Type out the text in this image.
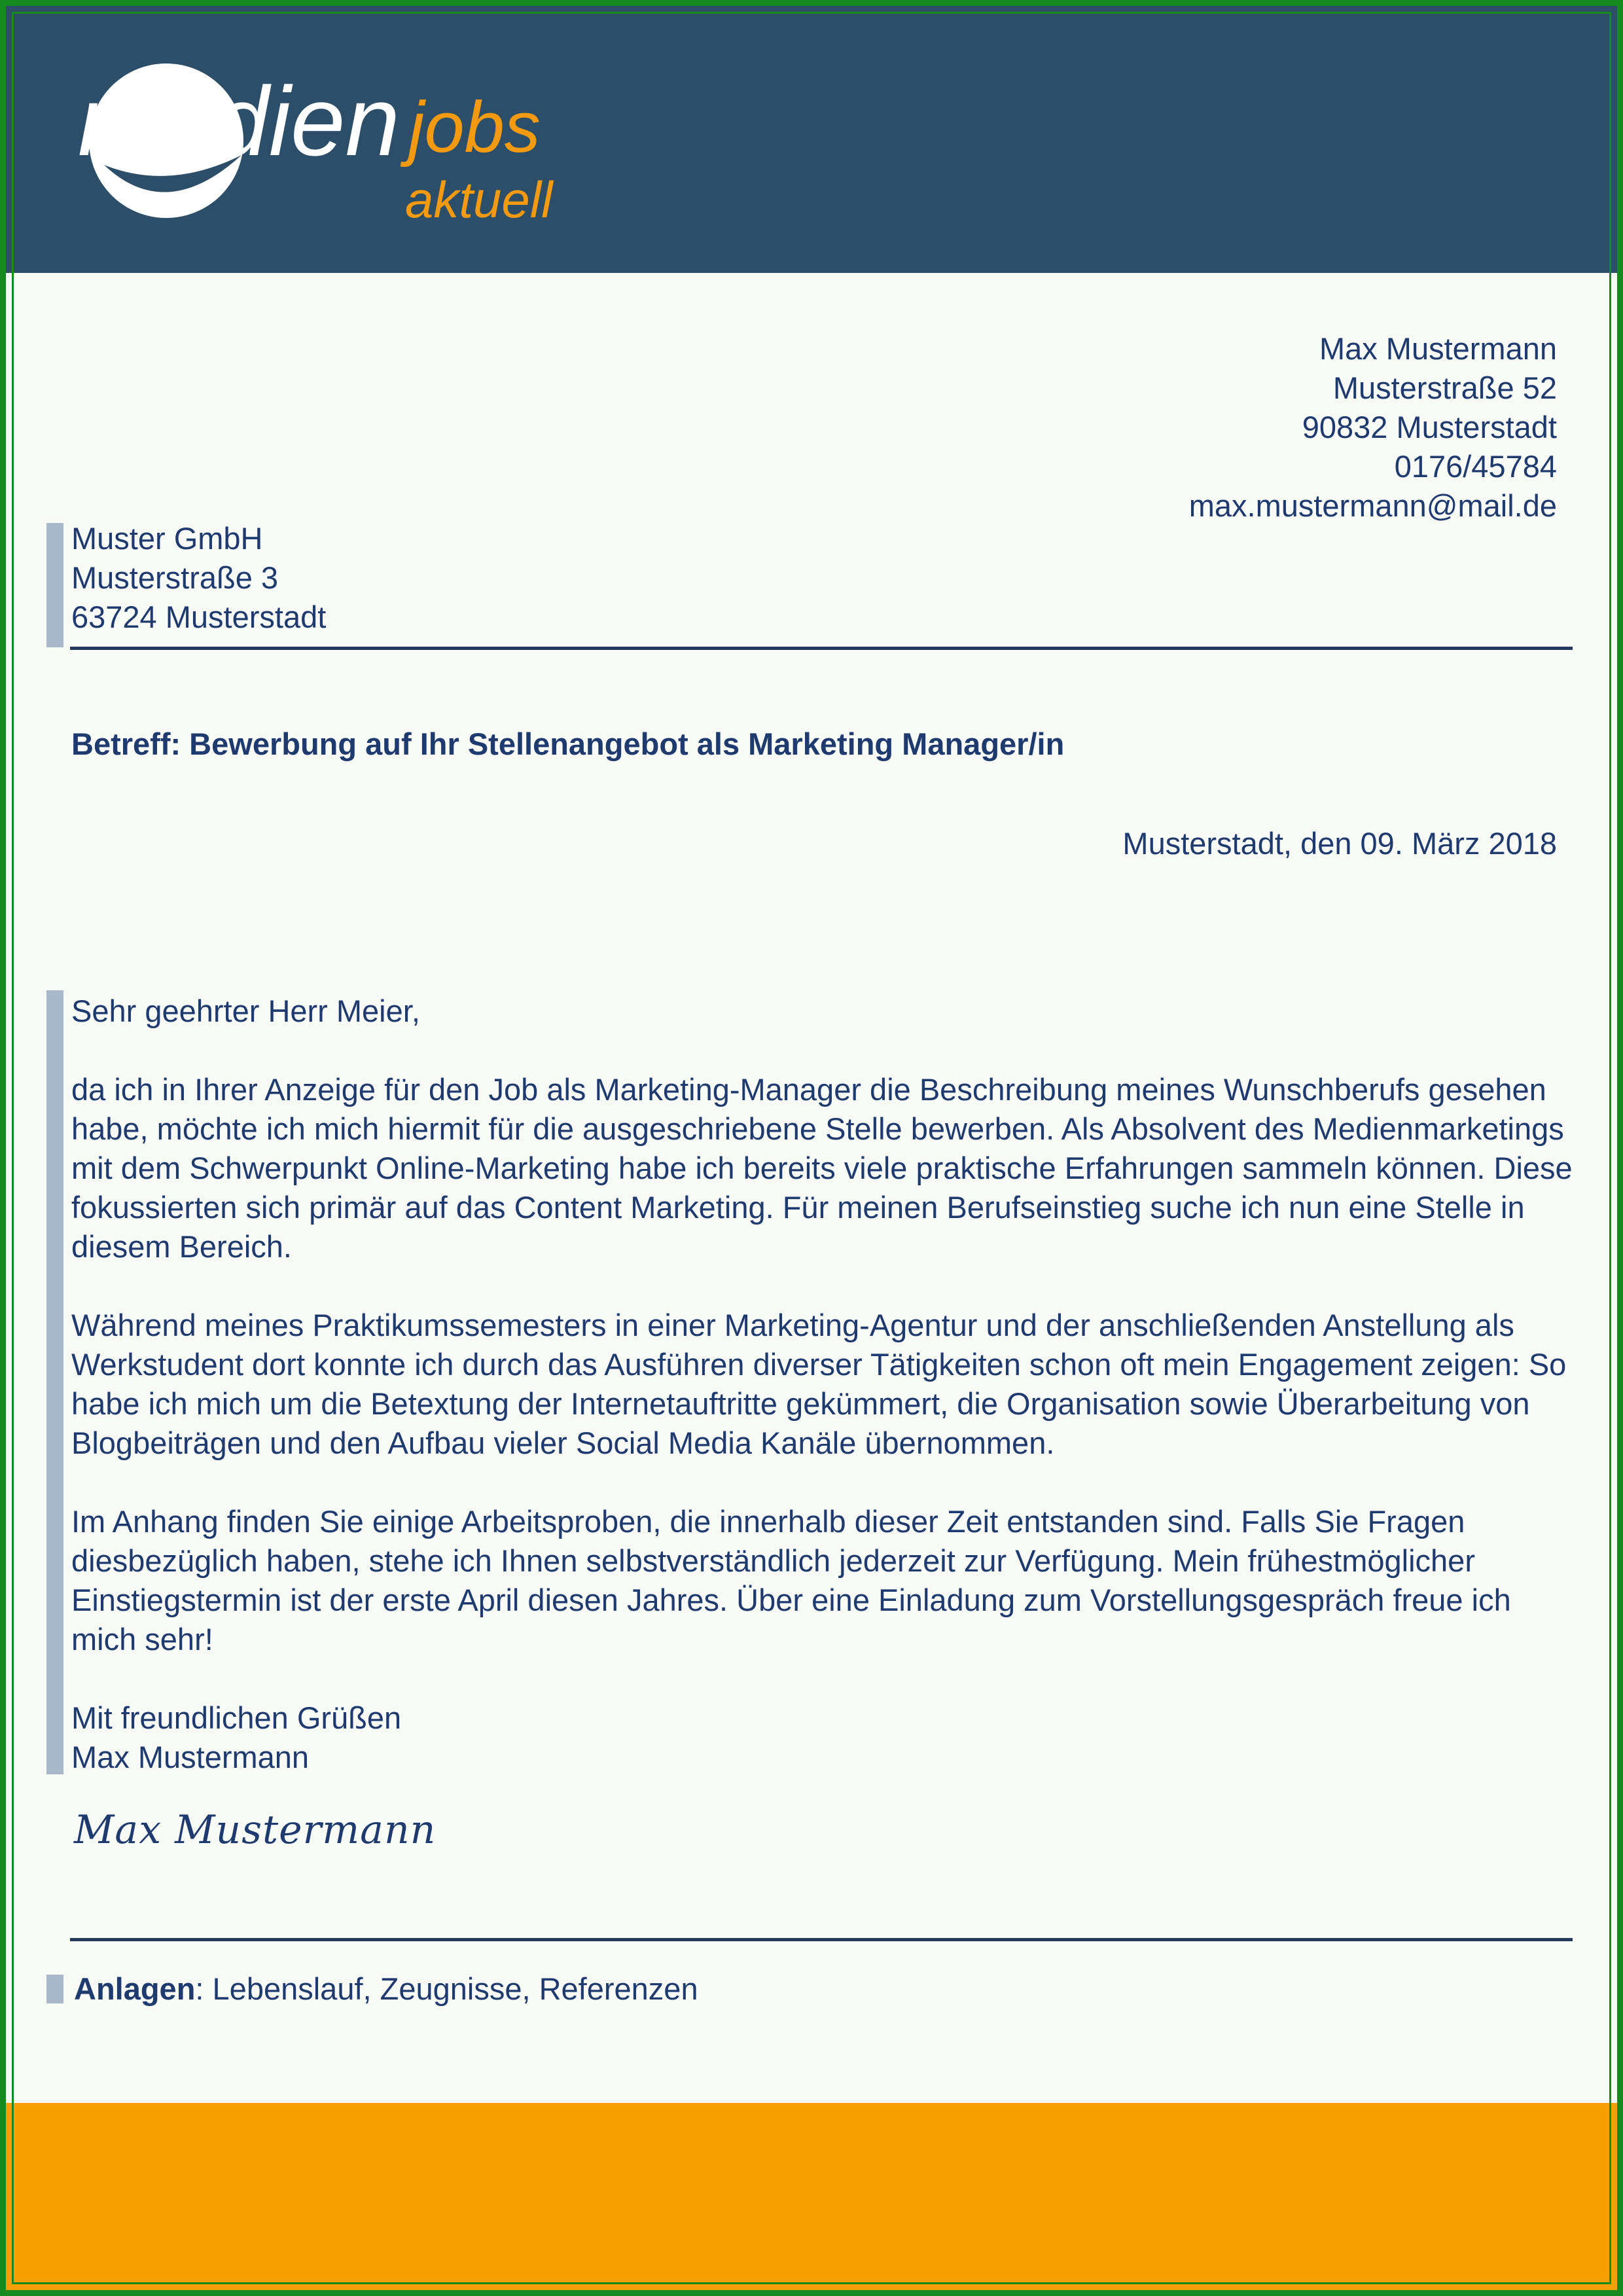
medien jobs
aktuell
Max Mustermann
Musterstraße 52
90832 Musterstadt
0176/45784
max.mustermann@mail.de
Muster GmbH
Musterstraße 3
63724 Musterstadt
Betreff: Bewerbung auf Ihr Stellenangebot als Marketing Manager/in
Musterstadt, den 09. März 2018

Sehr geehrter Herr Meier,

da ich in Ihrer Anzeige für den Job als Marketing-Manager die Beschreibung meines Wunschberufs gesehen habe, möchte ich mich hiermit für die ausgeschriebene Stelle bewerben. Als Absolvent des Medienmarketings mit dem Schwerpunkt Online-Marketing habe ich bereits viele praktische Erfahrungen sammeln können. Diese fokussierten sich primär auf das Content Marketing. Für meinen Berufseinstieg suche ich nun eine Stelle in diesem Bereich.

Während meines Praktikumssemesters in einer Marketing-Agentur und der anschließenden Anstellung als Werkstudent dort konnte ich durch das Ausführen diverser Tätigkeiten schon oft mein Engagement zeigen: So habe ich mich um die Betextung der Internetauftritte gekümmert, die Organisation sowie Überarbeitung von Blogbeiträgen und den Aufbau vieler Social Media Kanäle übernommen.

Im Anhang finden Sie einige Arbeitsproben, die innerhalb dieser Zeit entstanden sind. Falls Sie Fragen diesbezüglich haben, stehe ich Ihnen selbstverständlich jederzeit zur Verfügung. Mein frühestmöglicher Einstiegstermin ist der erste April diesen Jahres. Über eine Einladung zum Vorstellungsgespräch freue ich mich sehr!

Mit freundlichen Grüßen

Max Mustermann

Max Mustermann
Anlagen: Lebenslauf, Zeugnisse, Referenzen
